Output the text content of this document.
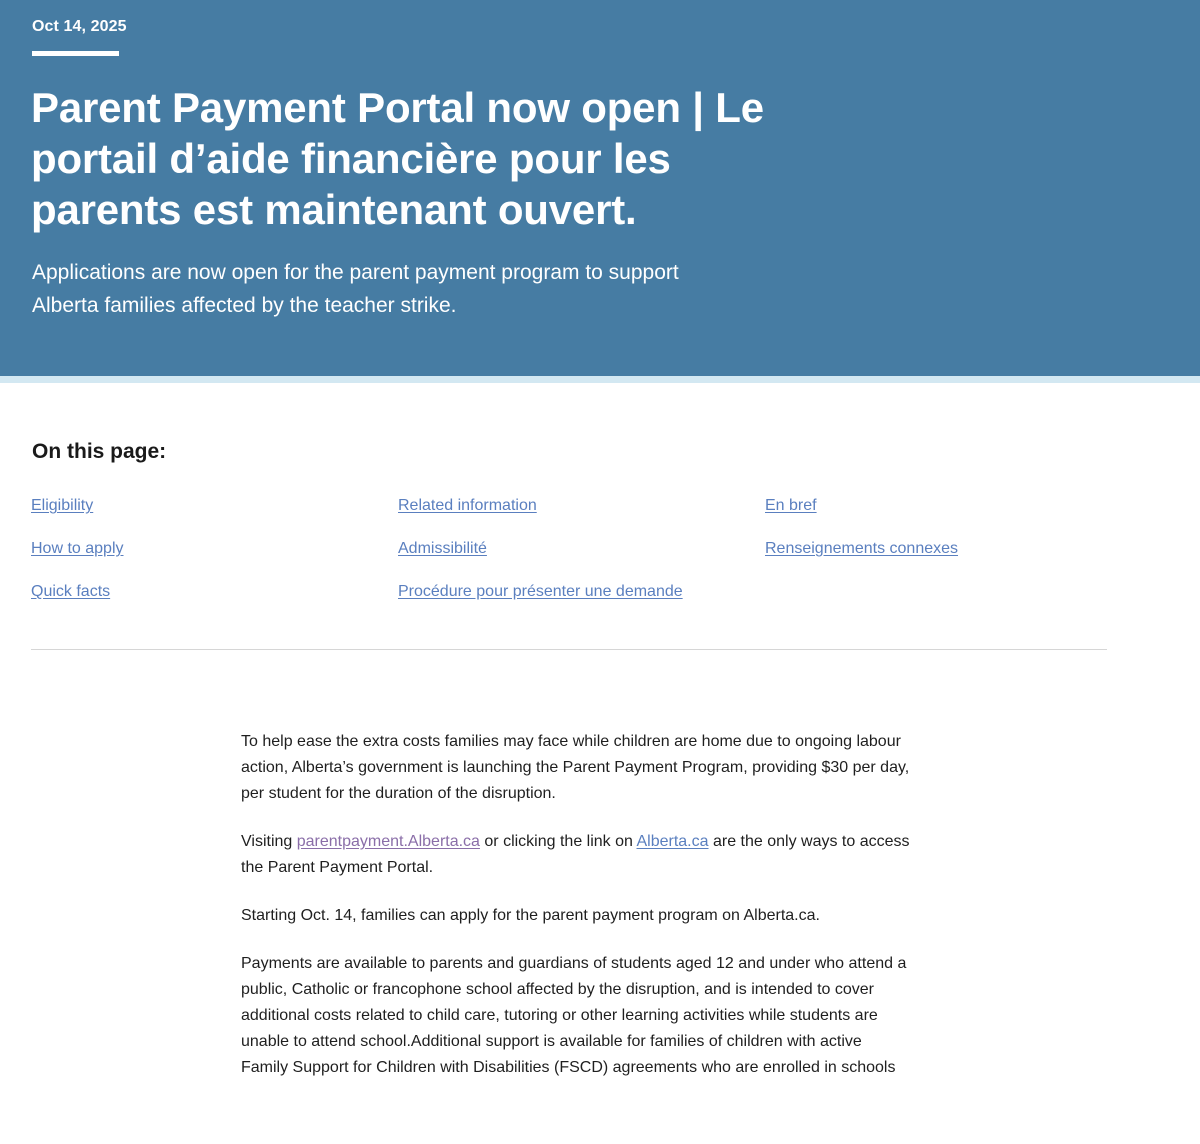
Oct 14, 2025
Parent Payment Portal now open | Le portail d’aide financière pour les parents est maintenant ouvert.

Applications are now open for the parent payment program to support Alberta families affected by the teacher strike.

On this page:
Eligibility
How to apply
Quick facts
Related information
Admissibilité
Procédure pour présenter une demande
En bref
Renseignements connexes

To help ease the extra costs families may face while children are home due to ongoing labour action, Alberta’s government is launching the Parent Payment Program, providing $30 per day, per student for the duration of the disruption.

Visiting parentpayment.Alberta.ca or clicking the link on Alberta.ca are the only ways to access the Parent Payment Portal.

Starting Oct. 14, families can apply for the parent payment program on Alberta.ca.

Payments are available to parents and guardians of students aged 12 and under who attend a public, Catholic or francophone school affected by the disruption, and is intended to cover additional costs related to child care, tutoring or other learning activities while students are unable to attend school.Additional support is available for families of children with active Family Support for Children with Disabilities (FSCD) agreements who are enrolled in schools
